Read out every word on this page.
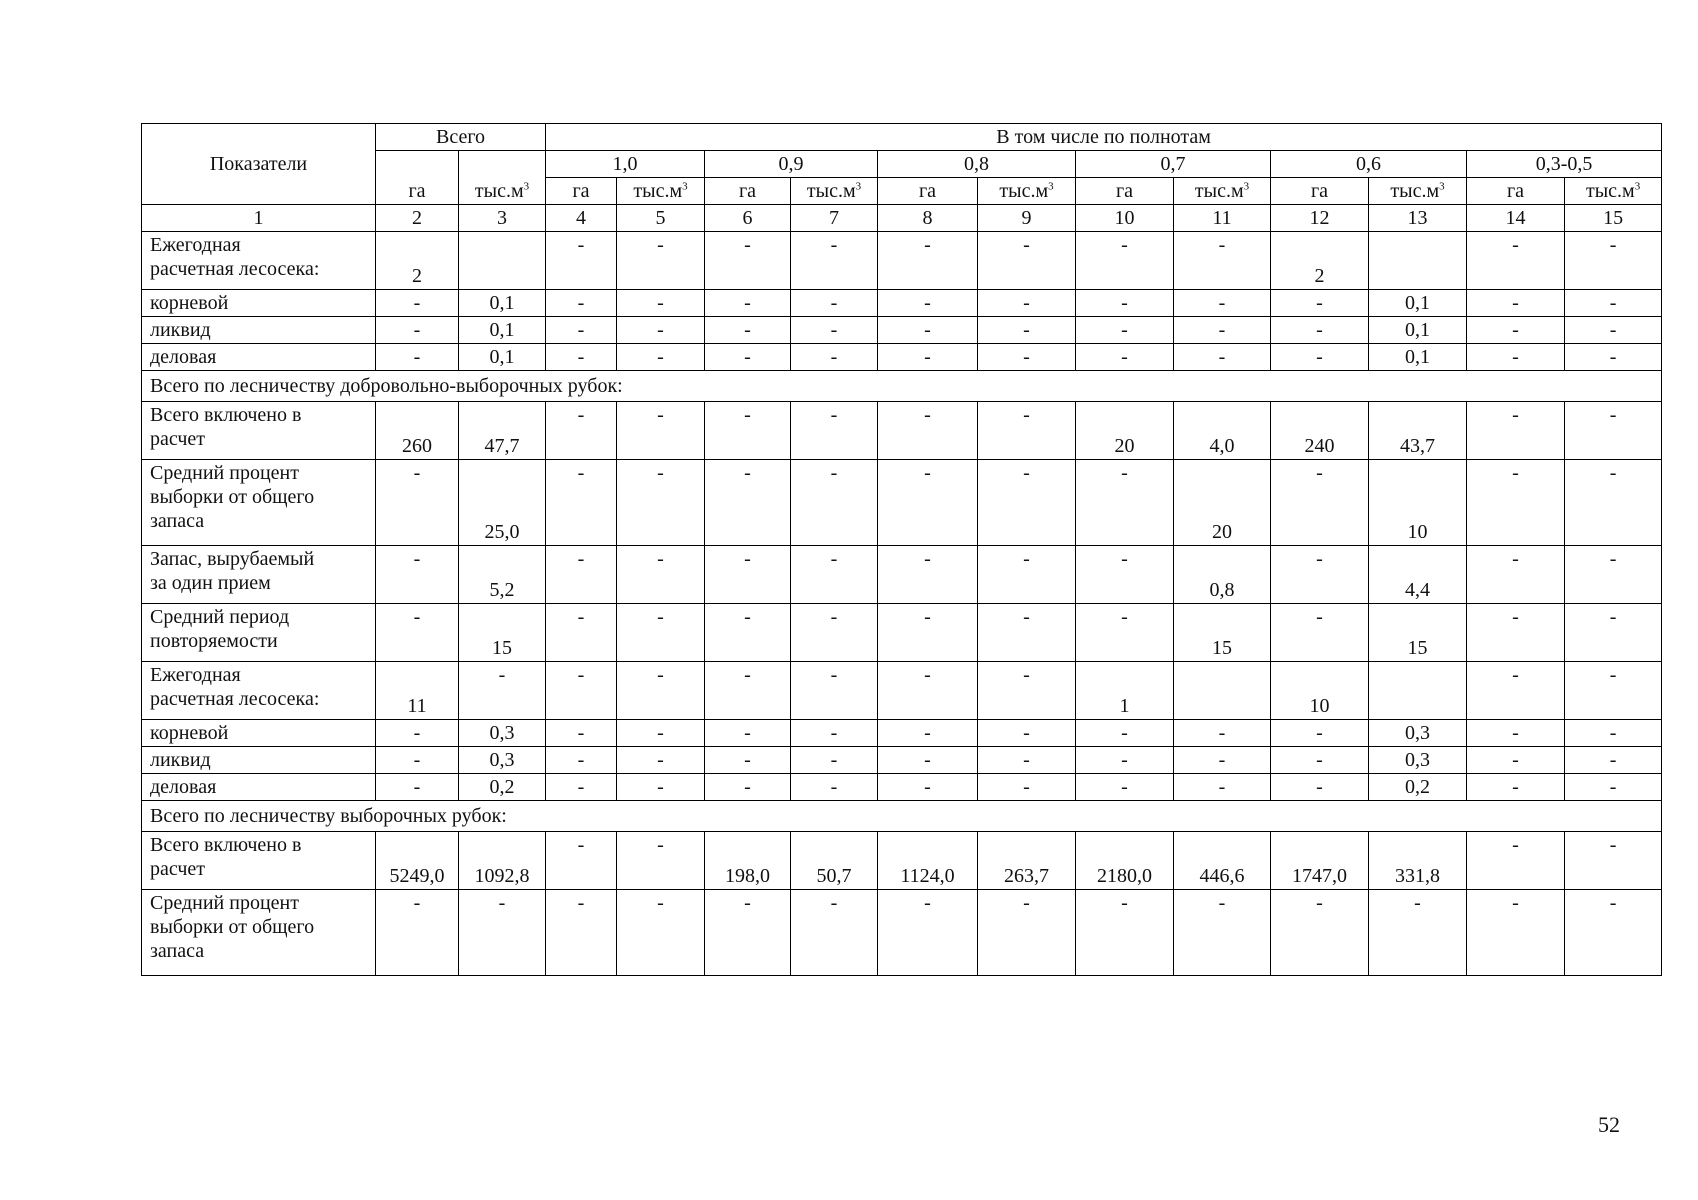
Показатели	Всего		В том числе по полнотам											
	га	$тыс.м^3$	1,0		0,9		0,8		0,7		0,6		0,3-0,5	
			га	$тыс.м^3$	га	$тыс.м^3$	га	$тыс.м^3$	га	$тыс.м^3$	га	$тыс.м^3$	га	$тыс.м^3$
1	2	3	4	5	6	7	8	9	10	11	12	13	14	15
Ежегодная
расчетная лесосека:	2		-	-	-	-	-	-	-	-	2		-	-
корневой	-	0,1	-	-	-	-	-	-	-	-	-	0,1	-	-
ликвид	-	0,1	-	-	-	-	-	-	-	-	-	0,1	-	-
деловая	-	0,1	-	-	-	-	-	-	-	-	-	0,1	-	-
Всего по лесничеству добровольно-выборочных рубок:														
Всего включено в
расчет	260	47,7	-	-	-	-	-	-	20	4,0	240	43,7	-	-
Средний процент
выборки от общего
запаса	-	25,0	-	-	-	-	-	-	-	20	-	10	-	-
Запас, вырубаемый
за один прием	-	5,2	-	-	-	-	-	-	-	0,8	-	4,4	-	-
Средний период
повторяемости	-	15	-	-	-	-	-	-	-	15	-	15	-	-
Ежегодная
расчетная лесосека:	11	-	-	-	-	-	-	-	1		10		-	-
корневой	-	0,3	-	-	-	-	-	-	-	-	-	0,3	-	-
ликвид	-	0,3	-	-	-	-	-	-	-	-	-	0,3	-	-
деловая	-	0,2	-	-	-	-	-	-	-	-	-	0,2	-	-
Всего по лесничеству выборочных рубок:														
Всего включено в
расчет	5249,0	1092,8	-	-	198,0	50,7	1124,0	263,7	2180,0	446,6	1747,0	331,8	-	-
Средний процент
выборки от общего
запаса	-	-	-	-	-	-	-	-	-	-	-	-	-	-
52
